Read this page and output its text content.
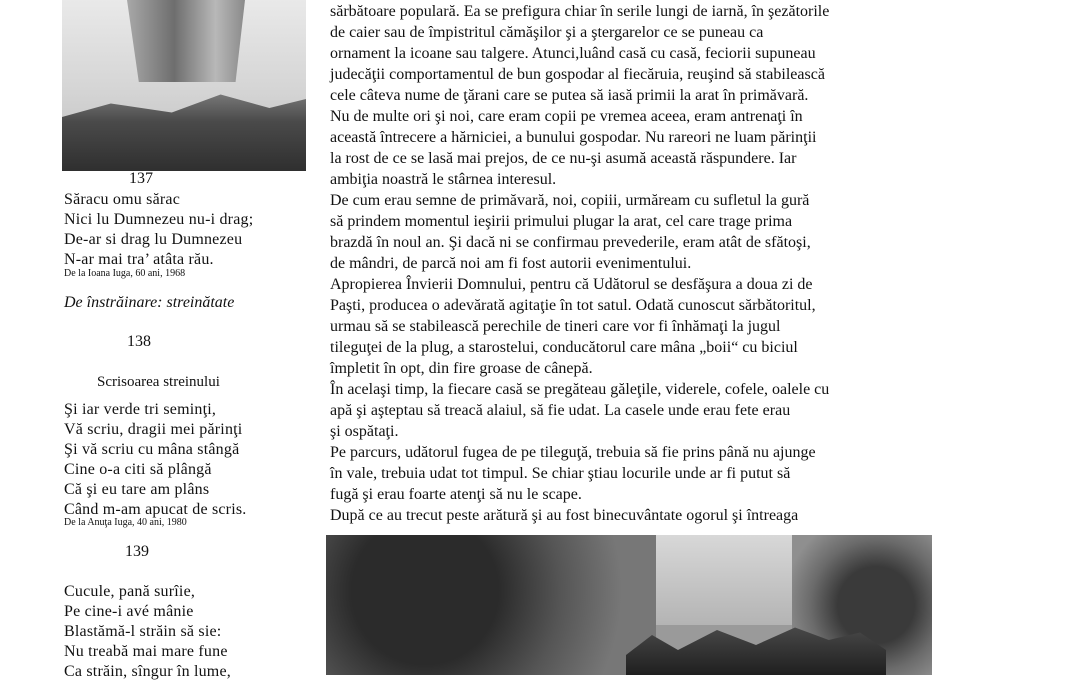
137
Săracu omu sărac
Nici lu Dumnezeu nu-i drag;
De-ar si drag lu Dumnezeu
N-ar mai tra’ atâta rău.
De la Ioana Iuga, 60 ani, 1968
De înstrăinare: streinătate
138
Scrisoarea streinului
Şi iar verde tri seminţi,
Vă scriu, dragii mei părinţi
Şi vă scriu cu mâna stângă
Cine o-a citi să plângă
Că şi eu tare am plâns
Când m-am apucat de scris.
De la Anuţa Iuga, 40 ani, 1980
139
Cucule, pană surîie,
Pe cine-i avé mânie
Blastămă-l străin să sie:
Nu treabă mai mare fune
Ca străin, sîngur în lume,
sărbătoare populară. Ea se prefigura chiar în serile lungi de iarnă, în şezătorile
de caier sau de împistritul cămăşilor şi a ştergarelor ce se puneau ca
ornament la icoane sau talgere. Atunci,luând casă cu casă, feciorii supuneau
judecăţii comportamentul de bun gospodar al fiecăruia, reuşind să stabilească
cele câteva nume de ţărani care se putea să iasă primii la arat în primăvară.
Nu de multe ori şi noi, care eram copii pe vremea aceea, eram antrenaţi în
această întrecere a hărniciei, a bunului gospodar. Nu rareori ne luam părinţii
la rost de ce se lasă mai prejos, de ce nu-şi asumă această răspundere. Iar
ambiţia noastră le stârnea interesul.
De cum erau semne de primăvară, noi, copiii, urmăream cu sufletul la gură
să prindem momentul ieşirii primului plugar la arat, cel care trage prima
brazdă în noul an. Şi dacă ni se confirmau prevederile, eram atât de sfătoşi,
de mândri, de parcă noi am fi fost autorii evenimentului.
Apropierea Învierii Domnului, pentru că Udătorul se desfăşura a doua zi de
Paşti, producea o adevărată agitaţie în tot satul. Odată cunoscut sărbătoritul,
urmau să se stabilească perechile de tineri care vor fi înhămaţi la jugul
tileguţei de la plug, a starostelui, conducătorul care mâna „boii“ cu biciul
împletit în opt, din fire groase de cânepă.
În acelaşi timp, la fiecare casă se pregăteau găleţile, viderele, cofele, oalele cu
apă şi aşteptau să treacă alaiul, să fie udat. La casele unde erau fete erau
şi ospătaţi.
Pe parcurs, udătorul fugea de pe tileguţă, trebuia să fie prins până nu ajunge
în vale, trebuia udat tot timpul. Se chiar ştiau locurile unde ar fi putut să
fugă şi erau foarte atenţi să nu le scape.
După ce au trecut peste arătură şi au fost binecuvântate ogorul şi întreaga
